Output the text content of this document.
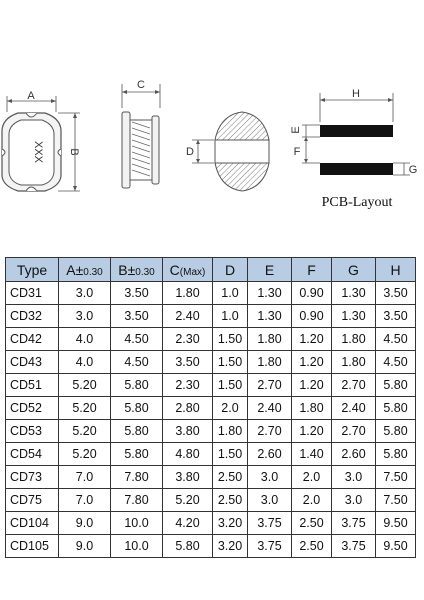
A
XXX B
C
D
H
E
F
G
PCB-Layout
Type	A±0.30	B±0.30	C(Max)	D	E	F	G	H
CD31	3.0	3.50	1.80	1.0	1.30	0.90	1.30	3.50
CD32	3.0	3.50	2.40	1.0	1.30	0.90	1.30	3.50
CD42	4.0	4.50	2.30	1.50	1.80	1.20	1.80	4.50
CD43	4.0	4.50	3.50	1.50	1.80	1.20	1.80	4.50
CD51	5.20	5.80	2.30	1.50	2.70	1.20	2.70	5.80
CD52	5.20	5.80	2.80	2.0	2.40	1.80	2.40	5.80
CD53	5.20	5.80	3.80	1.80	2.70	1.20	2.70	5.80
CD54	5.20	5.80	4.80	1.50	2.60	1.40	2.60	5.80
CD73	7.0	7.80	3.80	2.50	3.0	2.0	3.0	7.50
CD75	7.0	7.80	5.20	2.50	3.0	2.0	3.0	7.50
CD104	9.0	10.0	4.20	3.20	3.75	2.50	3.75	9.50
CD105	9.0	10.0	5.80	3.20	3.75	2.50	3.75	9.50
